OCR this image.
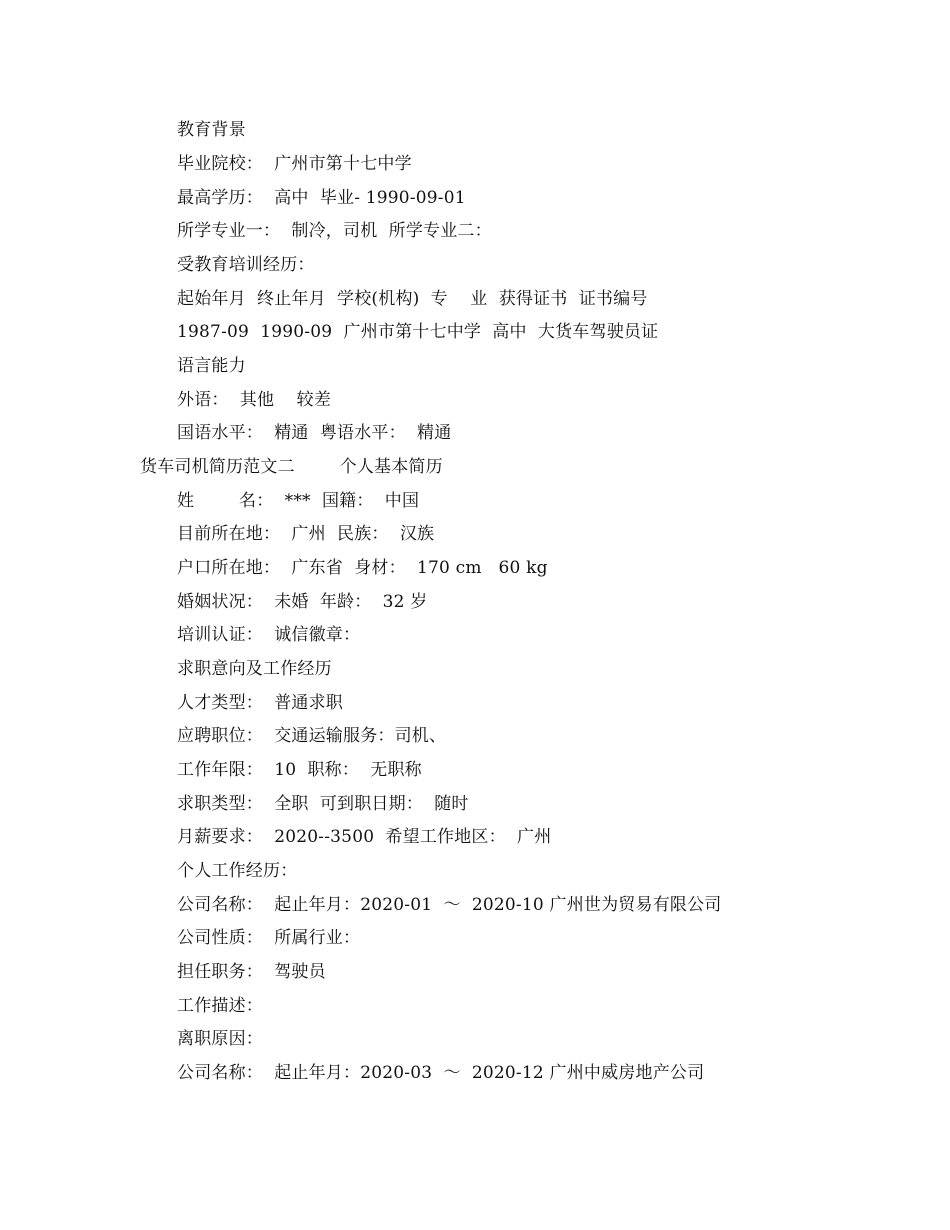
教育背景
毕业院校：  广州市第十七中学
最高学历：  高中  毕业- 1990-09-01
所学专业一：  制冷，司机  所学专业二：
受教育培训经历：
起始年月  终止年月  学校(机构)  专    业  获得证书  证书编号
1987-09  1990-09  广州市第十七中学  高中  大货车驾驶员证
语言能力
外语：  其他    较差
国语水平：  精通  粤语水平：  精通
货车司机简历范文二        个人基本简历
姓        名：  ***  国籍：  中国
目前所在地：  广州  民族：  汉族
户口所在地：  广东省  身材：  170 cm   60 kg
婚姻状况：  未婚  年龄：  32 岁
培训认证：  诚信徽章：
求职意向及工作经历
人才类型：  普通求职
应聘职位：  交通运输服务：司机、
工作年限：  10  职称：  无职称
求职类型：  全职  可到职日期：  随时
月薪要求：  2020--3500  希望工作地区：  广州
个人工作经历：
公司名称：  起止年月：2020-01  ～  2020-10 广州世为贸易有限公司
公司性质：  所属行业：
担任职务：  驾驶员
工作描述：
离职原因：
公司名称：  起止年月：2020-03  ～  2020-12 广州中威房地产公司
